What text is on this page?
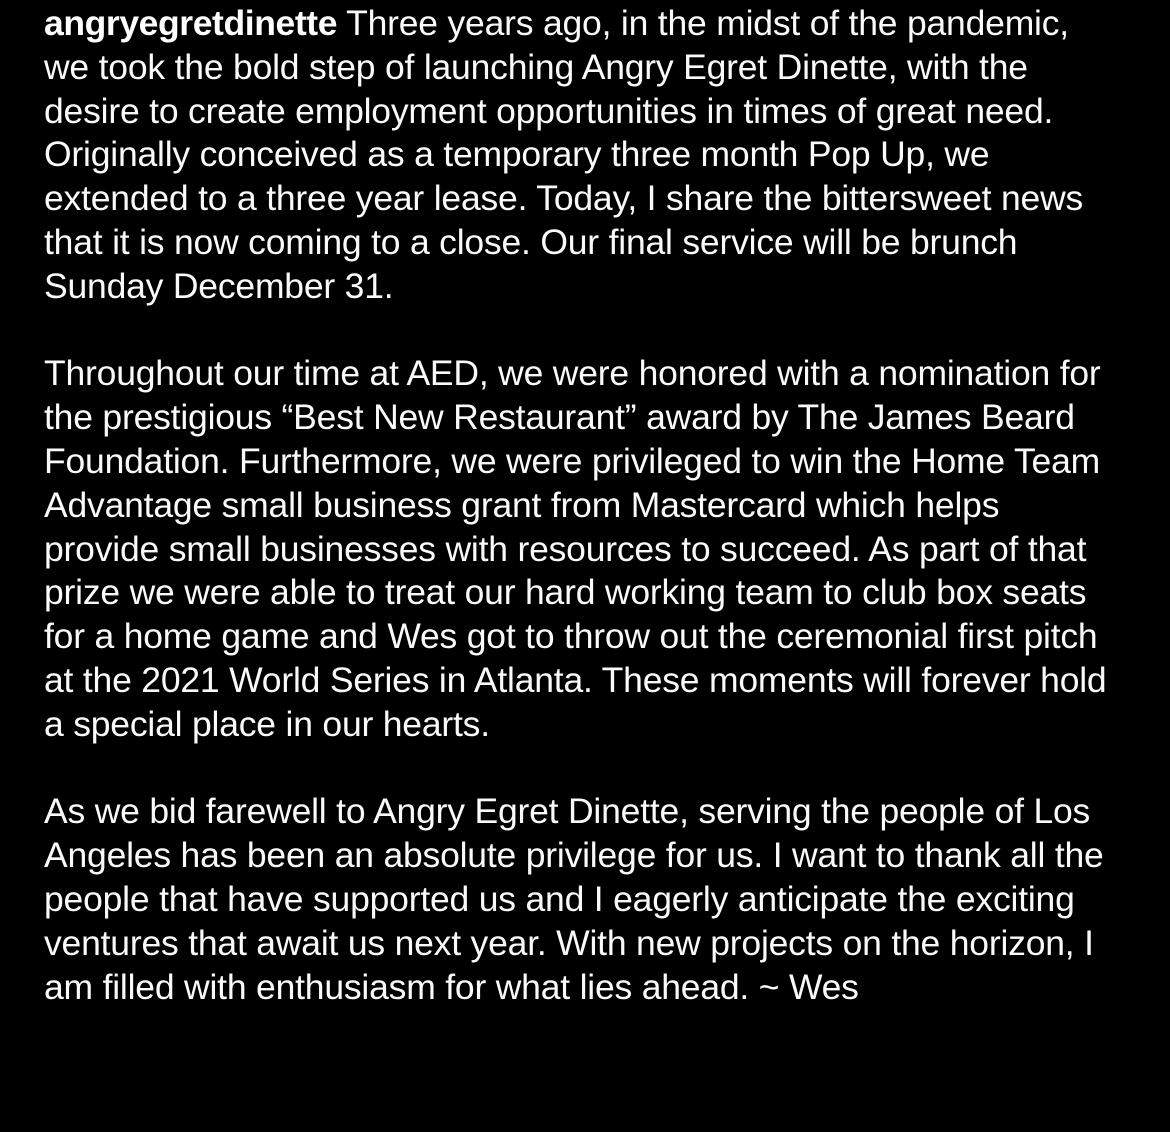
angryegretdinette Three years ago, in the midst of the pandemic, we took the bold step of launching Angry Egret Dinette, with the desire to create employment opportunities in times of great need. Originally conceived as a temporary three month Pop Up, we extended to a three year lease. Today, I share the bittersweet news that it is now coming to a close. Our final service will be brunch Sunday December 31.

Throughout our time at AED, we were honored with a nomination for the prestigious “Best New Restaurant” award by The James Beard Foundation. Furthermore, we were privileged to win the Home Team Advantage small business grant from Mastercard which helps provide small businesses with resources to succeed. As part of that prize we were able to treat our hard working team to club box seats for a home game and Wes got to throw out the ceremonial first pitch at the 2021 World Series in Atlanta. These moments will forever hold a special place in our hearts.

As we bid farewell to Angry Egret Dinette, serving the people of Los Angeles has been an absolute privilege for us. I want to thank all the people that have supported us and I eagerly anticipate the exciting ventures that await us next year. With new projects on the horizon, I am filled with enthusiasm for what lies ahead. ~ Wes
